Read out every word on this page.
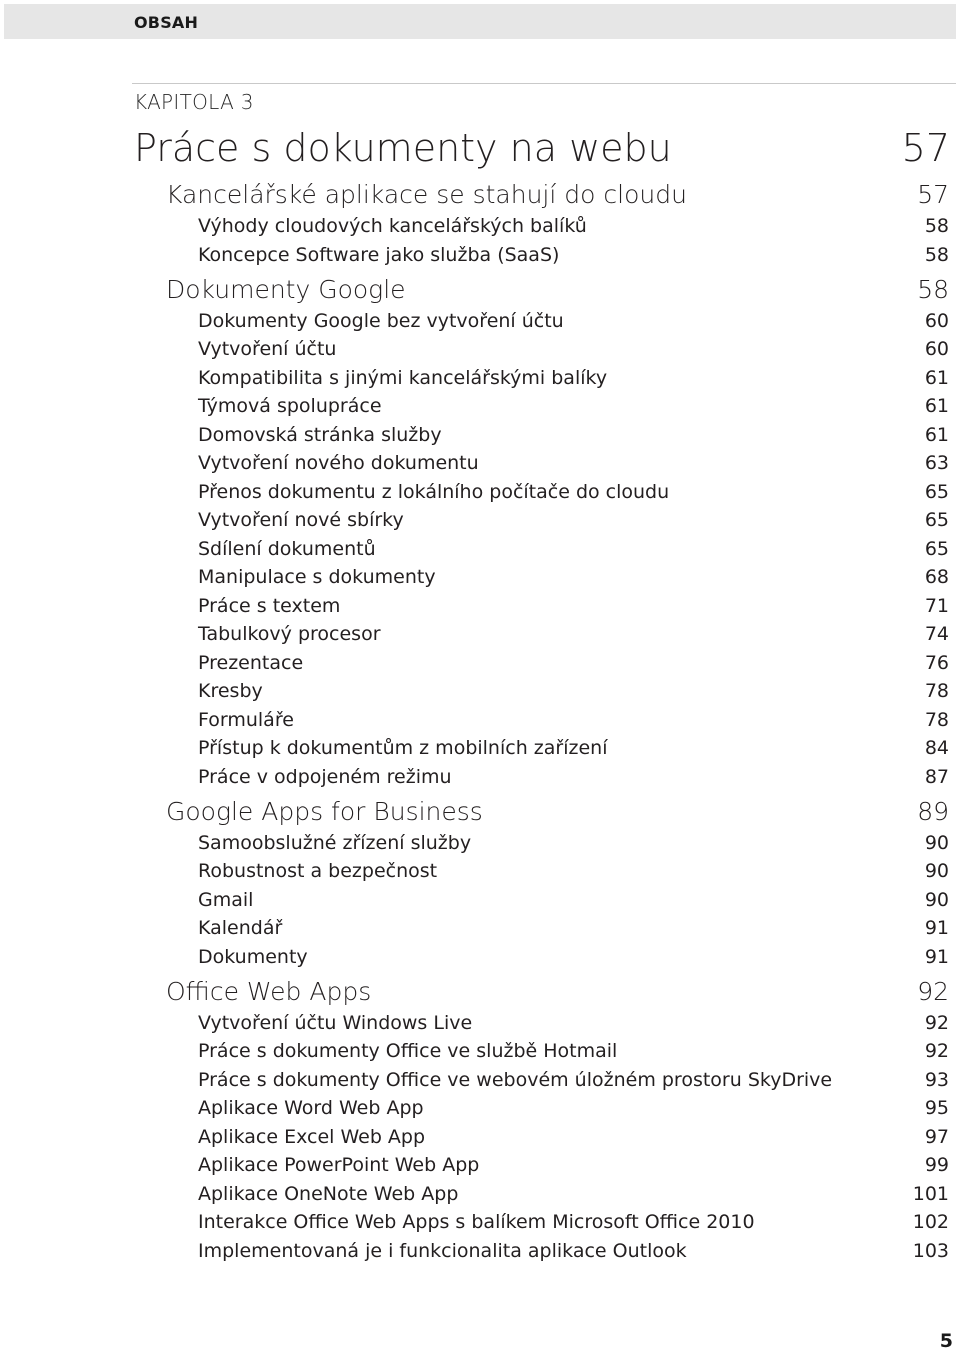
OBSAH
KAPITOLA 3
Práce s dokumenty na webu	57
Kancelářské aplikace se stahují do cloudu	57
Výhody cloudových kancelářských balíků	58
Koncepce Software jako služba (SaaS)	58
Dokumenty Google	58
Dokumenty Google bez vytvoření účtu	60
Vytvoření účtu	60
Kompatibilita s jinými kancelářskými balíky	61
Týmová spolupráce	61
Domovská stránka služby	61
Vytvoření nového dokumentu	63
Přenos dokumentu z lokálního počítače do cloudu	65
Vytvoření nové sbírky	65
Sdílení dokumentů	65
Manipulace s dokumenty	68
Práce s textem	71
Tabulkový procesor	74
Prezentace	76
Kresby	78
Formuláře	78
Přístup k dokumentům z mobilních zařízení	84
Práce v odpojeném režimu	87
Google Apps for Business	89
Samoobslužné zřízení služby	90
Robustnost a bezpečnost	90
Gmail	90
Kalendář	91
Dokumenty	91
Office Web Apps	92
Vytvoření účtu Windows Live	92
Práce s dokumenty Office ve službě Hotmail	92
Práce s dokumenty Office ve webovém úložném prostoru SkyDrive	93
Aplikace Word Web App	95
Aplikace Excel Web App	97
Aplikace PowerPoint Web App	99
Aplikace OneNote Web App	101
Interakce Office Web Apps s balíkem Microsoft Office 2010	102
Implementovaná je i funkcionalita aplikace Outlook	103
5
